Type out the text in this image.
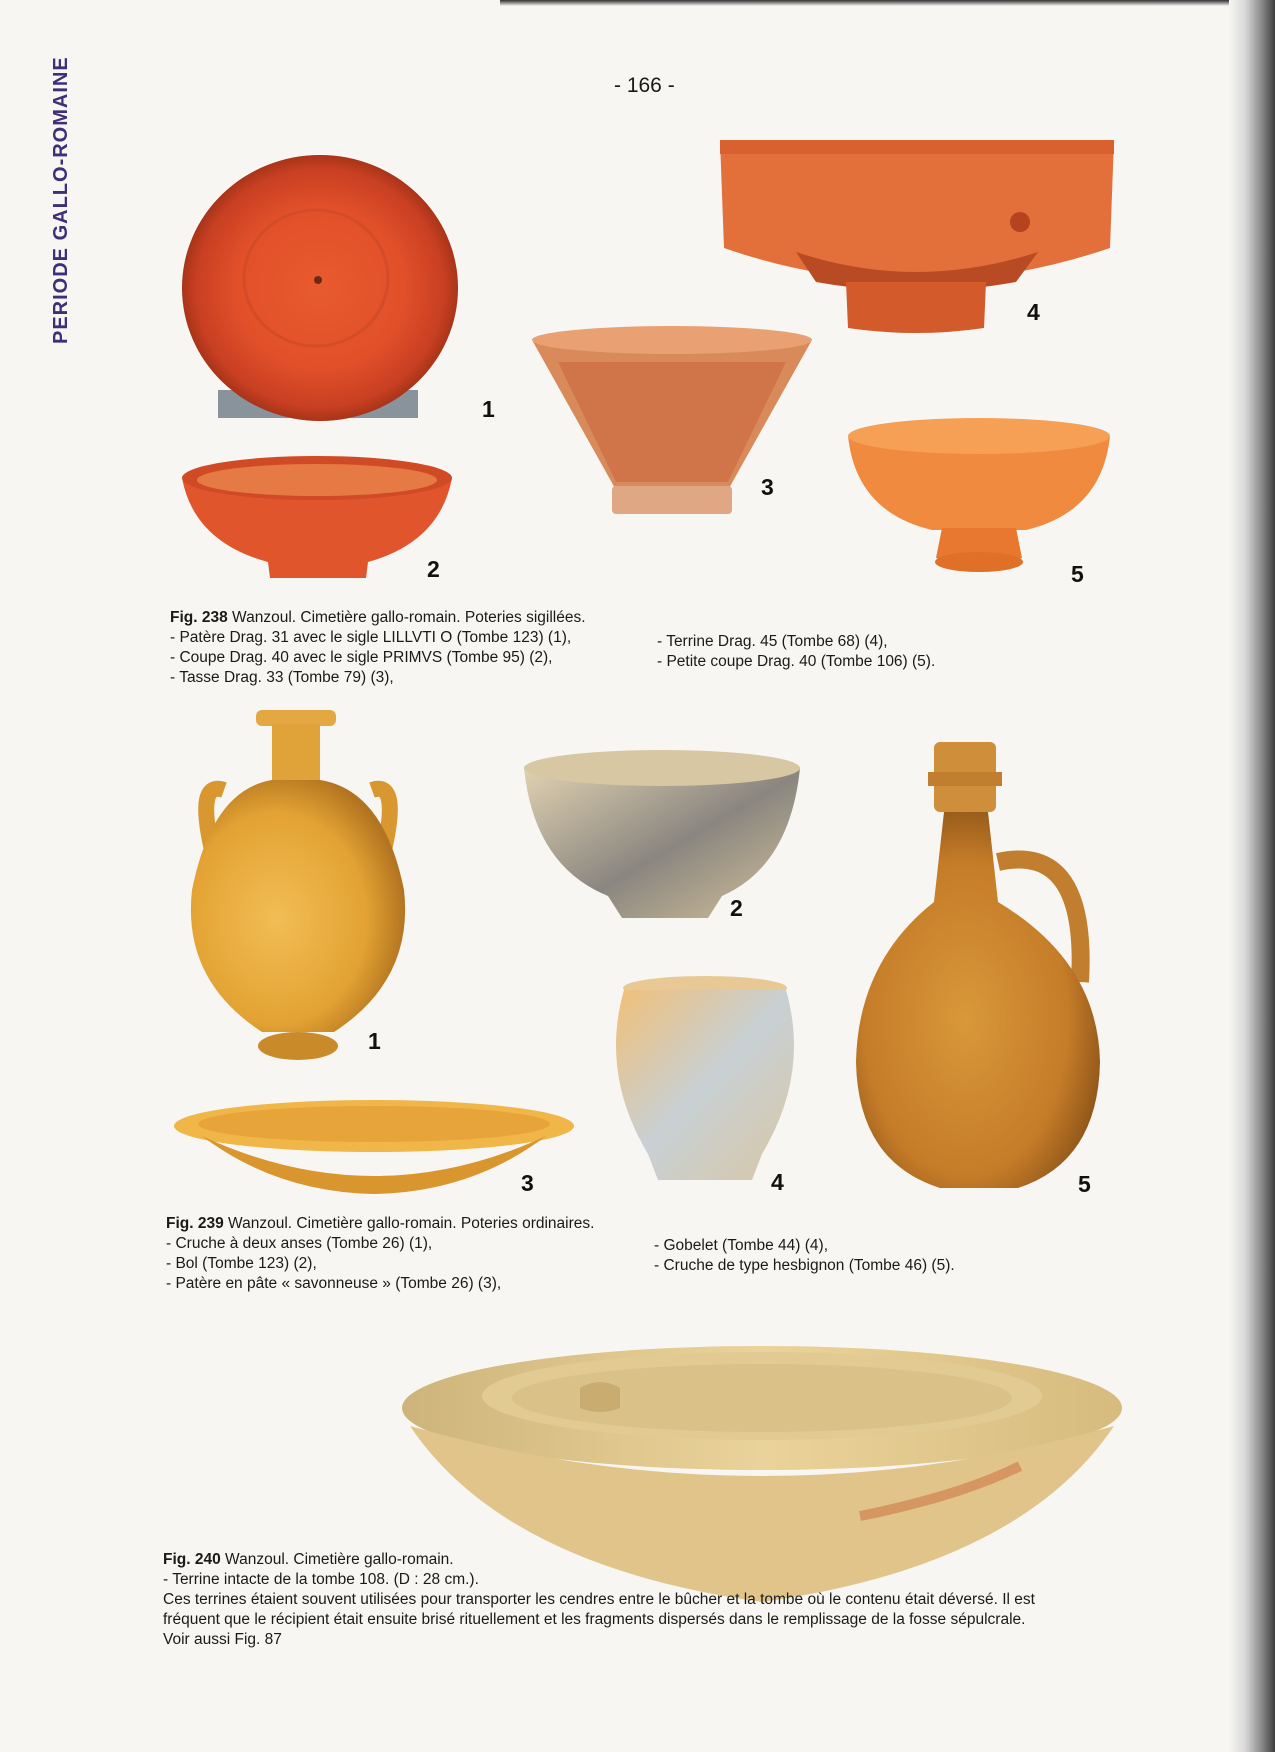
PERIODE GALLO-ROMAINE	- 166 -
1
2
3
4
5
Fig. 238 Wanzoul. Cimetière gallo-romain. Poteries sigillées.
- Patère Drag. 31 avec le sigle LILLVTI O (Tombe 123) (1),
- Coupe Drag. 40 avec le sigle PRIMVS (Tombe 95) (2),
- Tasse Drag. 33 (Tombe 79) (3),
- Terrine Drag. 45 (Tombe 68) (4),
- Petite coupe Drag. 40 (Tombe 106) (5).
1
2
3	4	5
Fig. 239 Wanzoul. Cimetière gallo-romain. Poteries ordinaires.
- Cruche à deux anses (Tombe 26) (1),
- Bol (Tombe 123) (2),
- Patère en pâte « savonneuse » (Tombe 26) (3),
- Gobelet (Tombe 44) (4),
- Cruche de type hesbignon (Tombe 46) (5).
Fig. 240 Wanzoul. Cimetière gallo-romain.
- Terrine intacte de la tombe 108. (D : 28 cm.).
Ces terrines étaient souvent utilisées pour transporter les cendres entre le bûcher et la tombe où le contenu était déversé. Il est
fréquent que le récipient était ensuite brisé rituellement et les fragments dispersés dans le remplissage de la fosse sépulcrale.
Voir aussi Fig. 87
